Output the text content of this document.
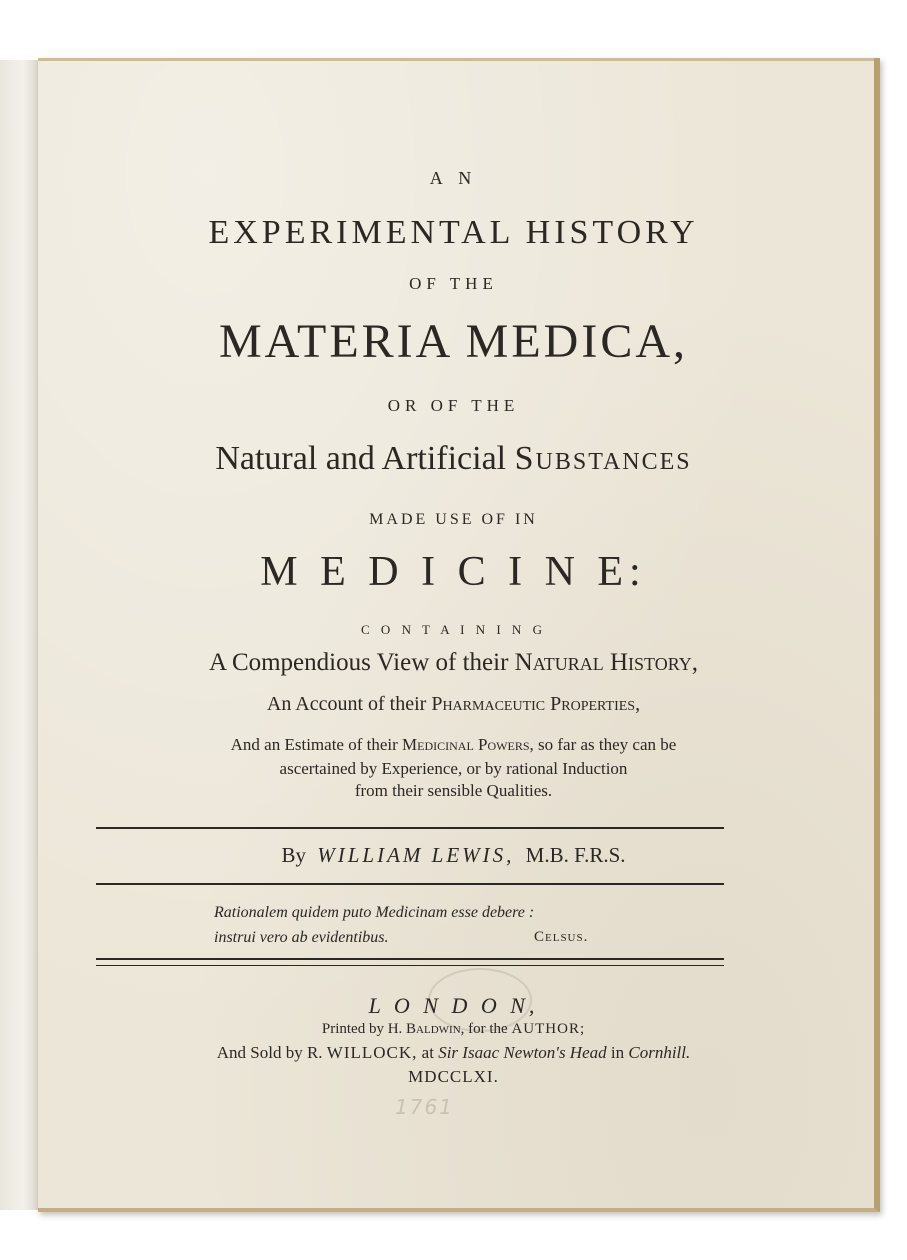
A N
EXPERIMENTAL HISTORY
OF THE
MATERIA MEDICA,
OR OF THE
Natural and Artificial Substances
MADE USE OF IN
M E D I C I N E:
C O N T A I N I N G
A Compendious View of their Natural History,
An Account of their Pharmaceutic Properties,
And an Estimate of their Medicinal Powers, so far as they can be
ascertained by Experience, or by rational Induction
from their sensible Qualities.
By WILLIAM LEWIS, M.B. F.R.S.
Rationalem quidem puto Medicinam esse debere :
instrui vero ab evidentibus.	Celsus.
L O N D O N,
Printed by H. Baldwin, for the AUTHOR;
And Sold by R. WILLOCK, at Sir Isaac Newton's Head in Cornhill.
MDCCLXI.
1761
